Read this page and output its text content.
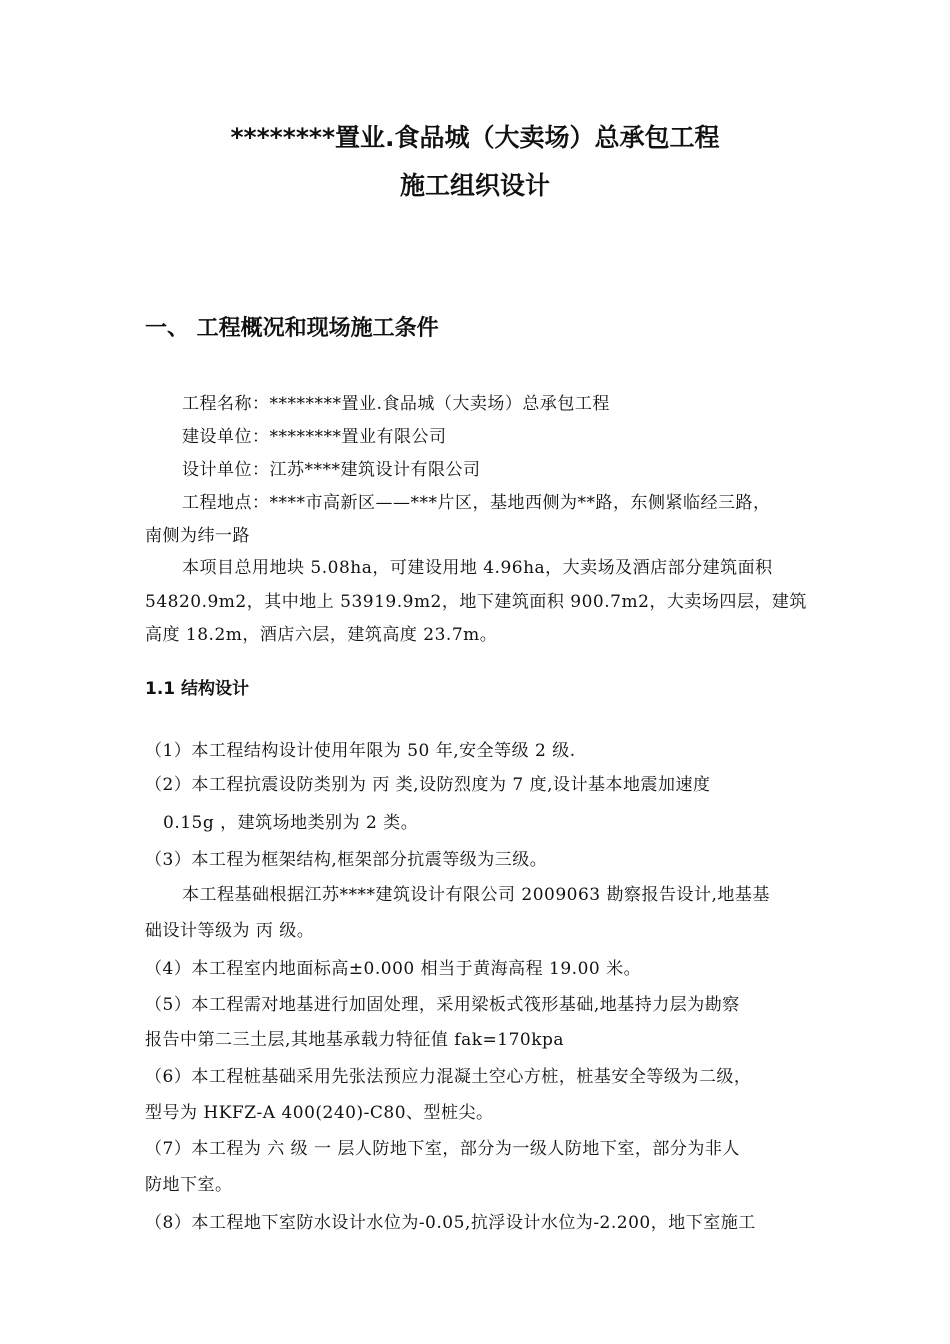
********置业.食品城（大卖场）总承包工程
施工组织设计
一、 工程概况和现场施工条件
工程名称：********置业.食品城（大卖场）总承包工程
建设单位：********置业有限公司
设计单位：江苏****建筑设计有限公司
工程地点：****市高新区——***片区，基地西侧为**路，东侧紧临经三路，
南侧为纬一路
本项目总用地块 5.08ha，可建设用地 4.96ha，大卖场及酒店部分建筑面积
54820.9m2，其中地上 53919.9m2，地下建筑面积 900.7m2，大卖场四层，建筑
高度 18.2m，酒店六层，建筑高度 23.7m。
1.1 结构设计
（1）本工程结构设计使用年限为 50 年,安全等级 2 级.
（2）本工程抗震设防类别为 丙 类,设防烈度为 7 度,设计基本地震加速度
0.15g ，建筑场地类别为 2 类。
（3）本工程为框架结构,框架部分抗震等级为三级。
本工程基础根据江苏****建筑设计有限公司 2009063 勘察报告设计,地基基
础设计等级为 丙 级。
（4）本工程室内地面标高±0.000 相当于黄海高程 19.00 米。
（5）本工程需对地基进行加固处理，采用梁板式筏形基础,地基持力层为勘察
报告中第二三土层,其地基承载力特征值 fak=170kpa
（6）本工程桩基础采用先张法预应力混凝土空心方桩，桩基安全等级为二级，
型号为 HKFZ-A 400(240)-C80、型桩尖。
（7）本工程为 六 级 一 层人防地下室，部分为一级人防地下室，部分为非人
防地下室。
（8）本工程地下室防水设计水位为-0.05,抗浮设计水位为-2.200，地下室施工
